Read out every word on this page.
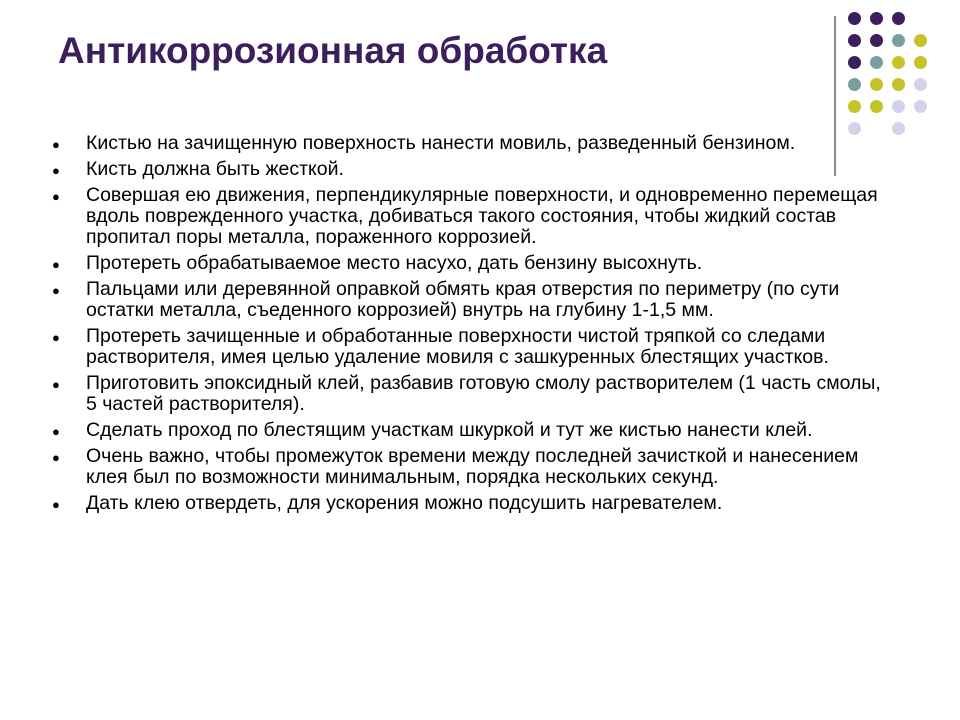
Антикоррозионная обработка
● Кистью на зачищенную поверхность нанести мовиль, разведенный бензином.
● Кисть должна быть жесткой.
● Совершая ею движения, перпендикулярные поверхности, и одновременно перемещая вдоль поврежденного участка, добиваться такого состояния, чтобы жидкий состав пропитал поры металла, пораженного коррозией.
● Протереть обрабатываемое место насухо, дать бензину высохнуть.
● Пальцами или деревянной оправкой обмять края отверстия по периметру (по сути остатки металла, съеденного коррозией) внутрь на глубину 1-1,5 мм.
● Протереть зачищенные и обработанные поверхности чистой тряпкой со следами растворителя, имея целью удаление мовиля с зашкуренных блестящих участков.
● Приготовить эпоксидный клей, разбавив готовую смолу растворителем (1 часть смолы, 5 частей растворителя).
● Сделать проход по блестящим участкам шкуркой и тут же кистью нанести клей.
● Очень важно, чтобы промежуток времени между последней зачисткой и нанесением клея был по возможности минимальным, порядка нескольких секунд.
● Дать клею отвердеть, для ускорения можно подсушить нагревателем.
